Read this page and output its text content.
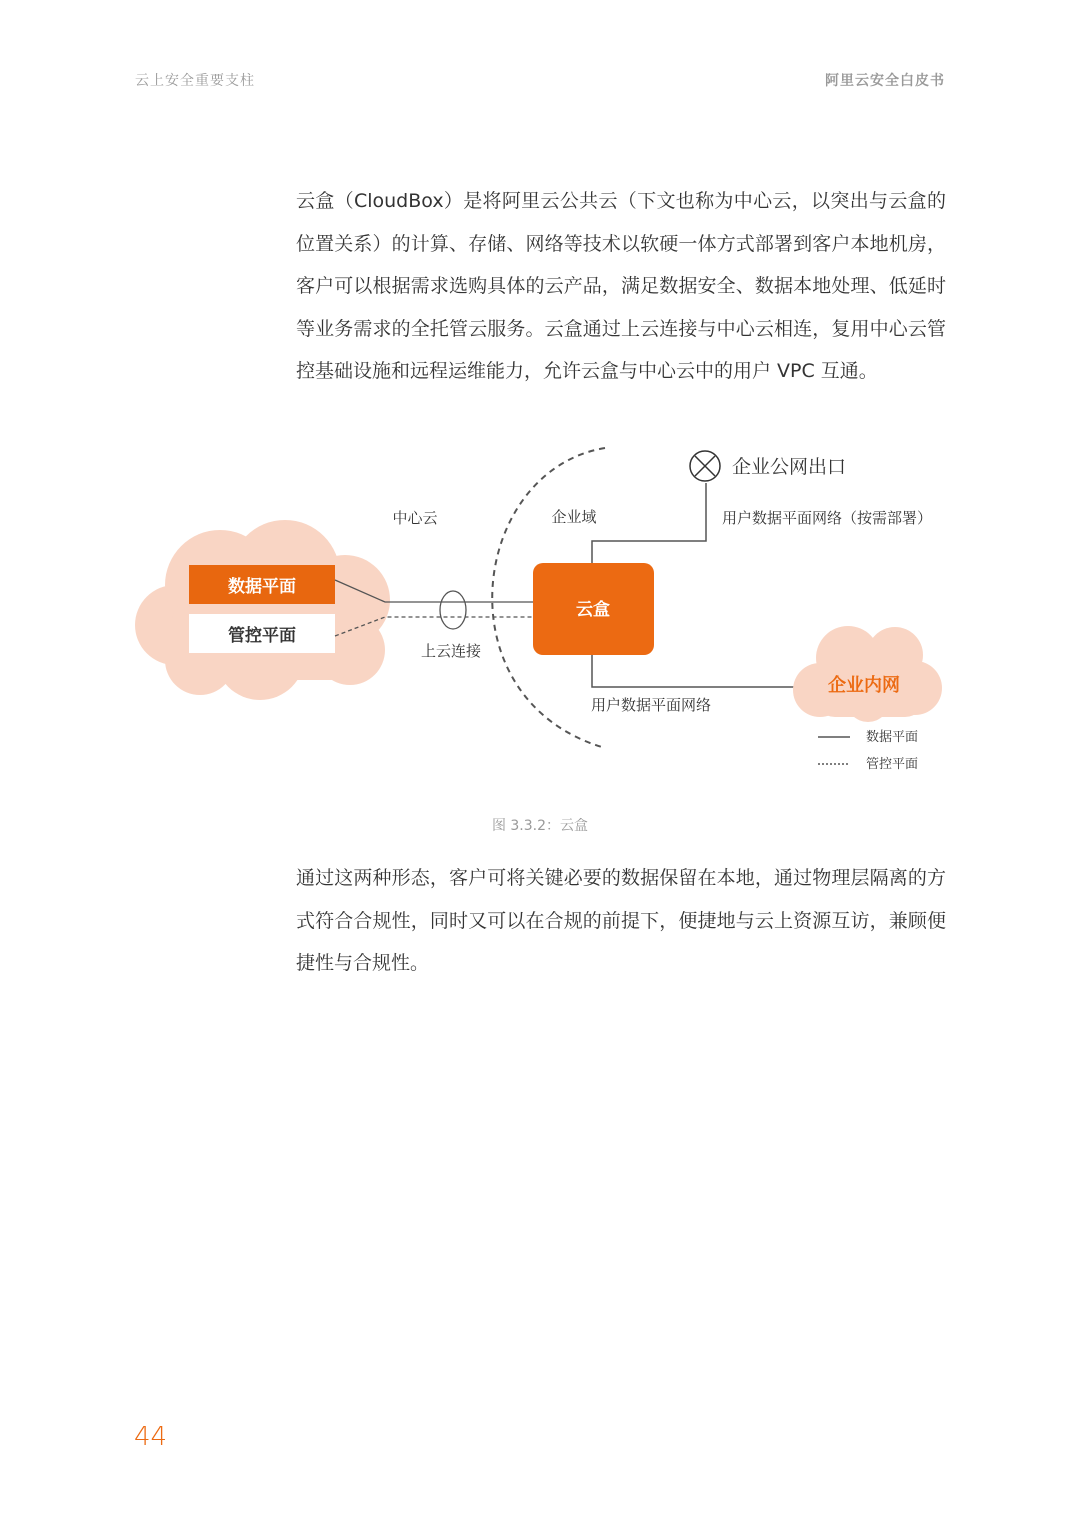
云上安全重要支柱	阿里云安全白皮书

云盒（CloudBox）是将阿里云公共云（下文也称为中心云，以突出与云盒的位置关系）的计算、存储、网络等技术以软硬一体方式部署到客户本地机房，客户可以根据需求选购具体的云产品，满足数据安全、数据本地处理、低延时等业务需求的全托管云服务。云盒通过上云连接与中心云相连，复用中心云管控基础设施和远程运维能力，允许云盒与中心云中的用户 VPC 互通。

数据平面
管控平面
中心云	企业域
上云连接
云盒
企业公网出口
用户数据平面网络（按需部署）
用户数据平面网络
企业内网
数据平面
管控平面
图 3.3.2：云盒

通过这两种形态，客户可将关键必要的数据保留在本地，通过物理层隔离的方式符合合规性，同时又可以在合规的前提下，便捷地与云上资源互访，兼顾便捷性与合规性。

44
